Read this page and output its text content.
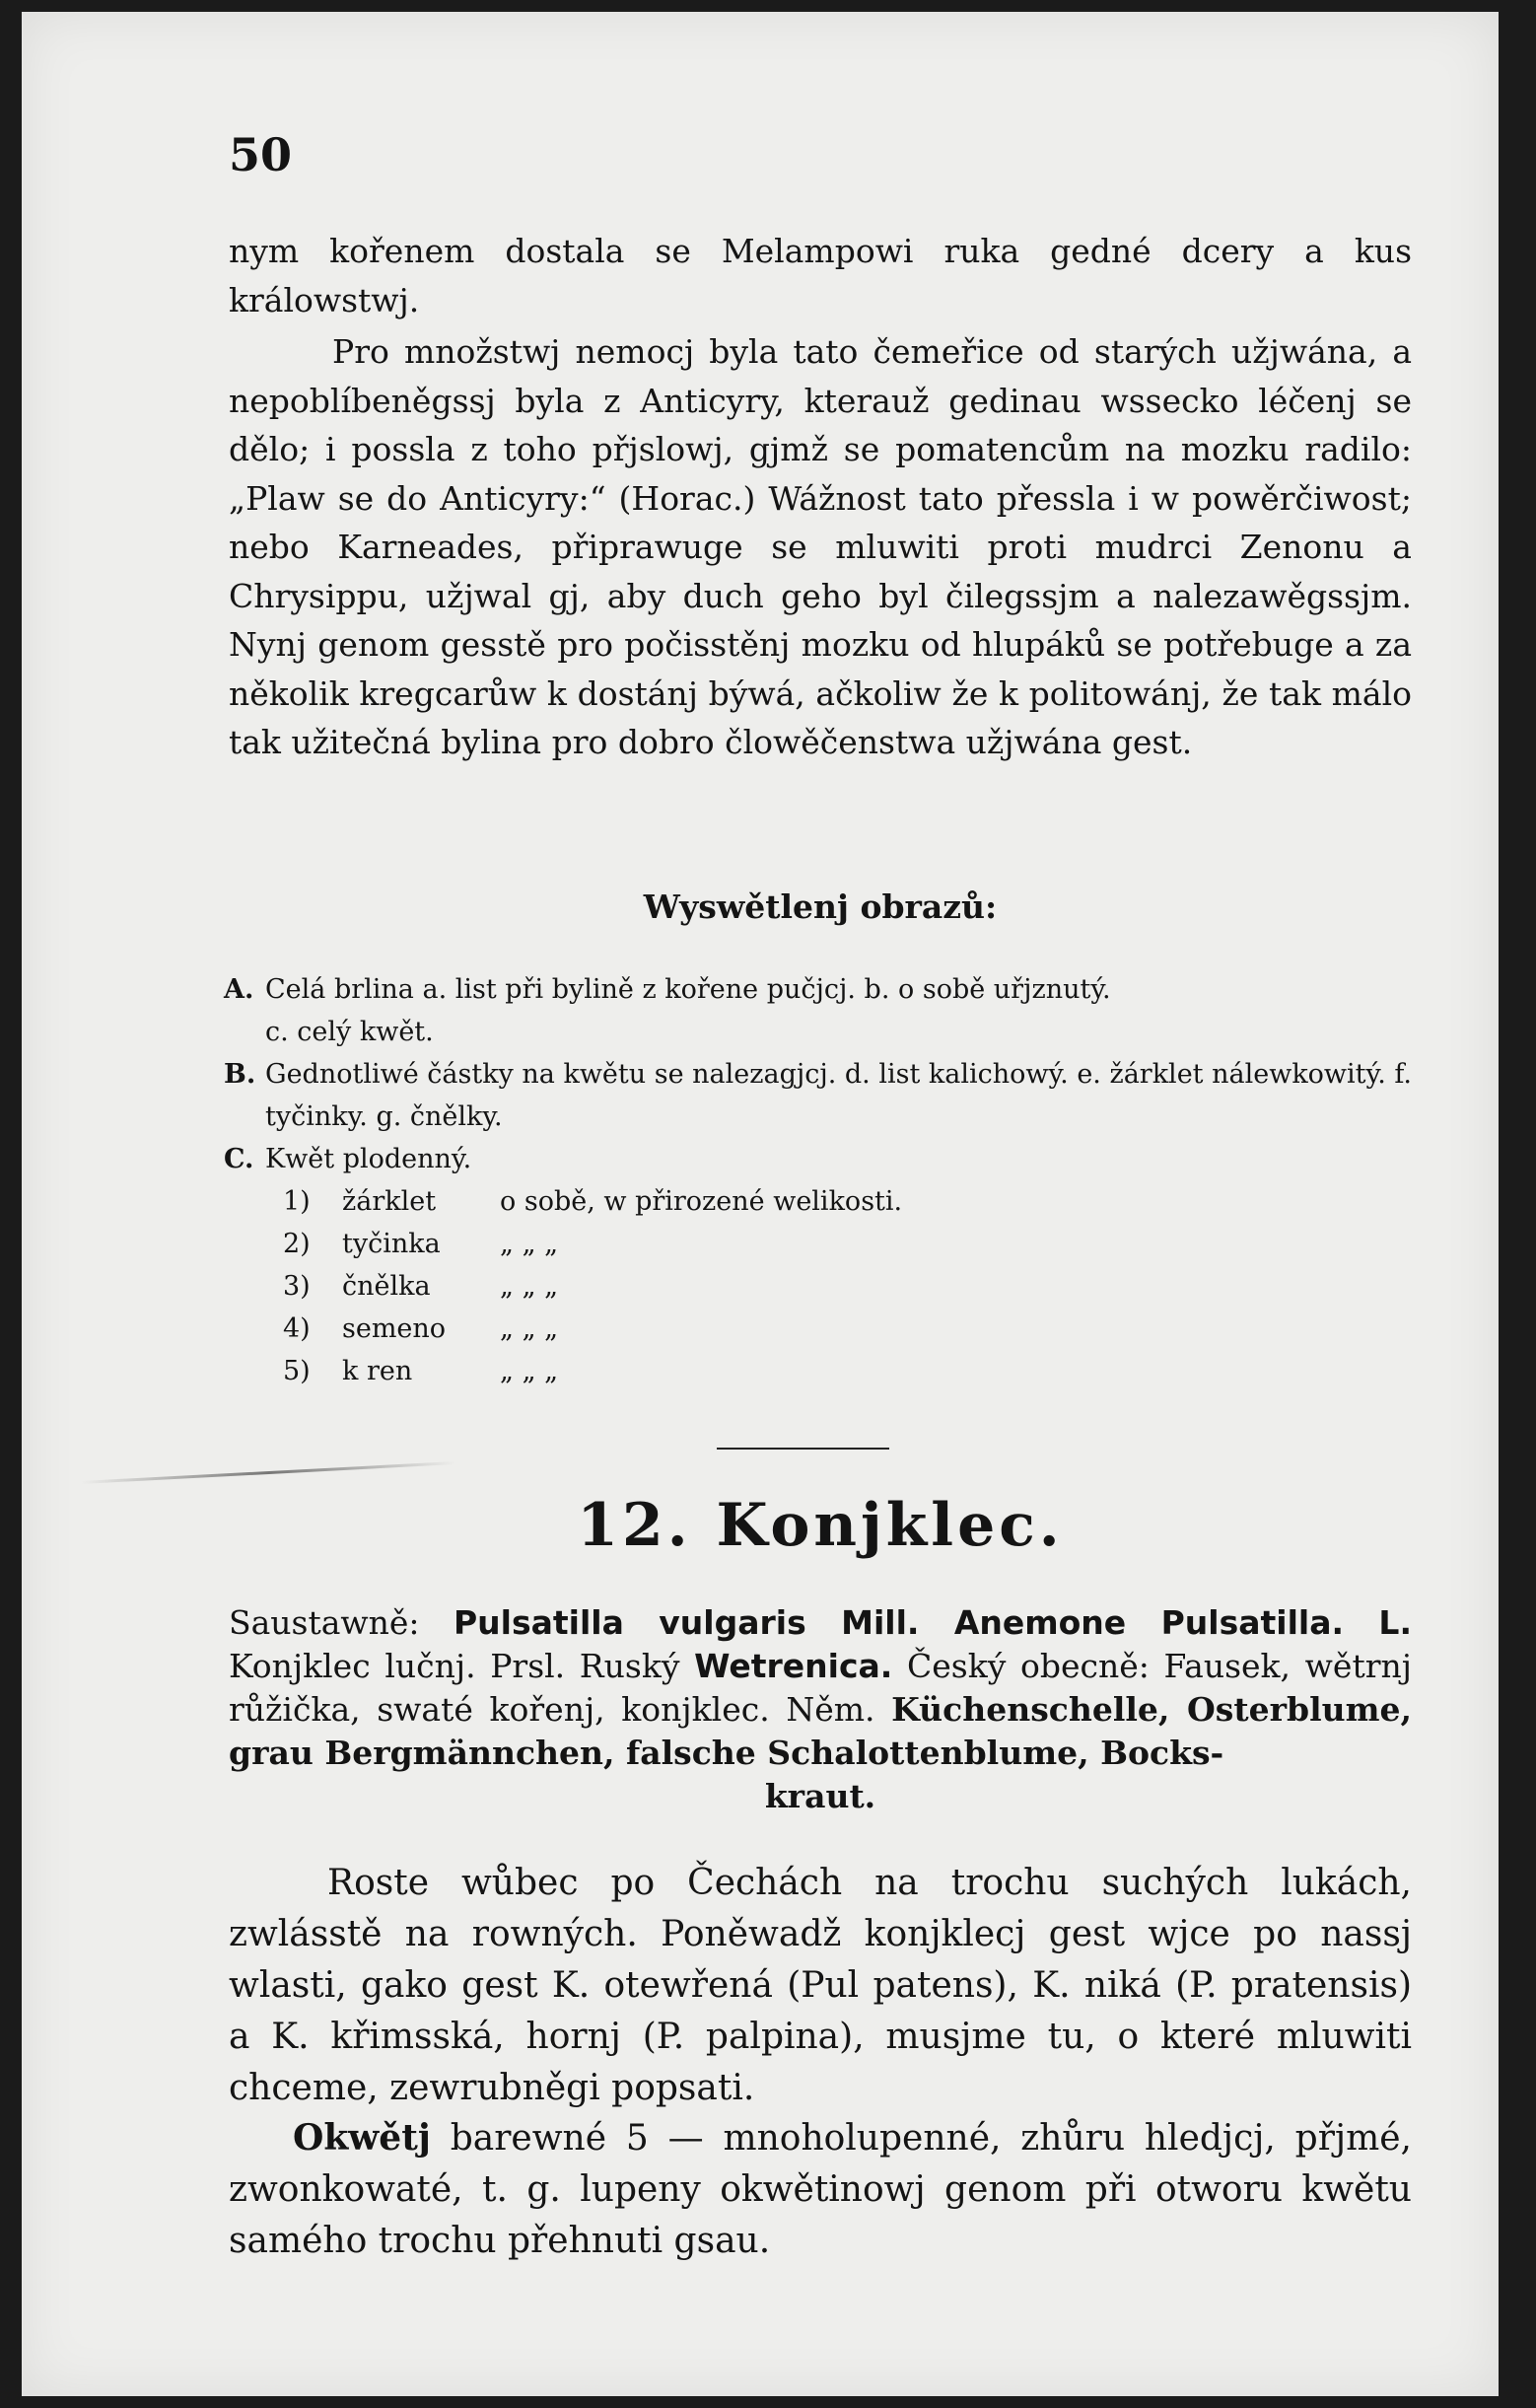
50

nym kořenem dostala se Melampowi ruka gedné dcery a kus králowstwj.

Pro množstwj nemocj byla tato čemeřice od starých užjwána, a nepoblíbeněgssj byla z Anticyry, kterauž gedinau wssecko léčenj se dělo; i possla z toho přjslowj, gjmž se pomatencům na mozku radilo: „Plaw se do Anticyry:“ (Horac.) Wážnost tato přessla i w powěrčiwost; nebo Karneades, připrawuge se mluwiti proti mudrci Zenonu a Chrysippu, užjwal gj, aby duch geho byl čilegssjm a nalezawěgssjm. Nynj genom gesstě pro počisstěnj mozku od hlupáků se potřebuge a za několik kregcarůw k dostánj býwá, ačkoliw že k politowánj, že tak málo tak užitečná bylina pro dobro člowěčenstwa užjwána gest.

Wyswětlenj obrazů:
A. Celá brlina a. list při bylině z kořene pučjcj. b. o sobě uřjznutý.
c. celý kwět.
B. Gednotliwé částky na kwětu se nalezagjcj. d. list kalichowý. e. žárklet nálewkowitý. f. tyčinky. g. čnělky.
C. Kwět plodenný.
1)	žárklet	o sobě, w přirozené welikosti.
2)	tyčinka	„ „ „
3)	čnělka	„ „ „
4)	semeno	„ „ „
5)	k ren	„ „ „
12. Konjklec.
Saustawně: Pulsatilla vulgaris Mill. Anemone Pulsatilla. L. Konjklec lučnj. Prsl. Ruský Wetrenica. Český obecně: Fausek, wětrnj růžička, swaté kořenj, konjklec. Něm. Küchenschelle, Osterblume, grau Bergmännchen, falsche Schalottenblume, Bocks-
kraut.

Roste wůbec po Čechách na trochu suchých lukách, zwlásstě na rowných. Poněwadž konjklecj gest wjce po nassj wlasti, gako gest K. otewřená (Pul patens), K. niká (P. pratensis) a K. křimsská, hornj (P. palpina), musjme tu, o které mluwiti chceme, zewrubněgi popsati.

Okwětj barewné 5 — mnoholupenné, zhůru hledjcj, přjmé, zwonkowaté, t. g. lupeny okwětinowj genom při otworu kwětu samého trochu přehnuti gsau.
